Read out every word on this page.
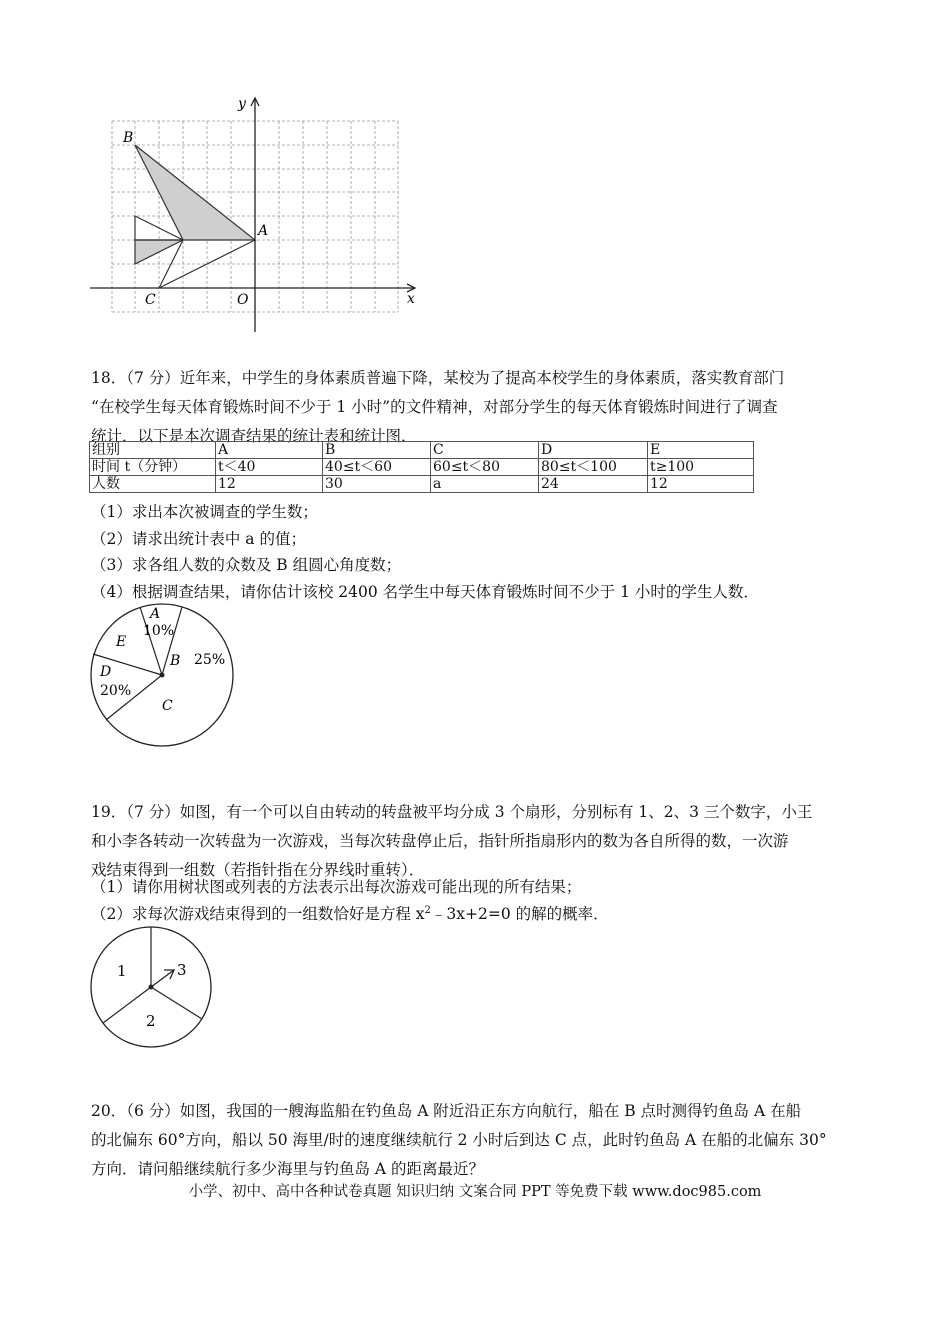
y
x
B
A
C	O
18．（7 分）近年来，中学生的身体素质普遍下降，某校为了提高本校学生的身体素质，落实教育部门
“在校学生每天体育锻炼时间不少于 1 小时”的文件精神，对部分学生的每天体育锻炼时间进行了调查
统计．以下是本次调查结果的统计表和统计图．
组别	A	B	C	D	E
时间 t（分钟）	t＜40	40≤t＜60	60≤t＜80	80≤t＜100	t≥100
人数	12	30	a	24	12
（1）求出本次被调查的学生数；
（2）请求出统计表中 a 的值；
（3）求各组人数的众数及 B 组圆心角度数；
（4）根据调查结果，请你估计该校 2400 名学生中每天体育锻炼时间不少于 1 小时的学生人数．
A
10%
B 25%
E
D
20%
C
19．（7 分）如图，有一个可以自由转动的转盘被平均分成 3 个扇形，分别标有 1、2、3 三个数字，小王
和小李各转动一次转盘为一次游戏，当每次转盘停止后，指针所指扇形内的数为各自所得的数，一次游
戏结束得到一组数（若指针指在分界线时重转）．
（1）请你用树状图或列表的方法表示出每次游戏可能出现的所有结果；
（2）求每次游戏结束得到的一组数恰好是方程 $x^2﹣3x+2=0$ 的解的概率．
1	3
2
20．（6 分）如图，我国的一艘海监船在钓鱼岛 A 附近沿正东方向航行，船在 B 点时测得钓鱼岛 A 在船
的北偏东 60°方向，船以 50 海里/时的速度继续航行 2 小时后到达 C 点，此时钓鱼岛 A 在船的北偏东 30°
方向．请问船继续航行多少海里与钓鱼岛 A 的距离最近？
小学、初中、高中各种试卷真题 知识归纳 文案合同 PPT 等免费下载 www.doc985.com
